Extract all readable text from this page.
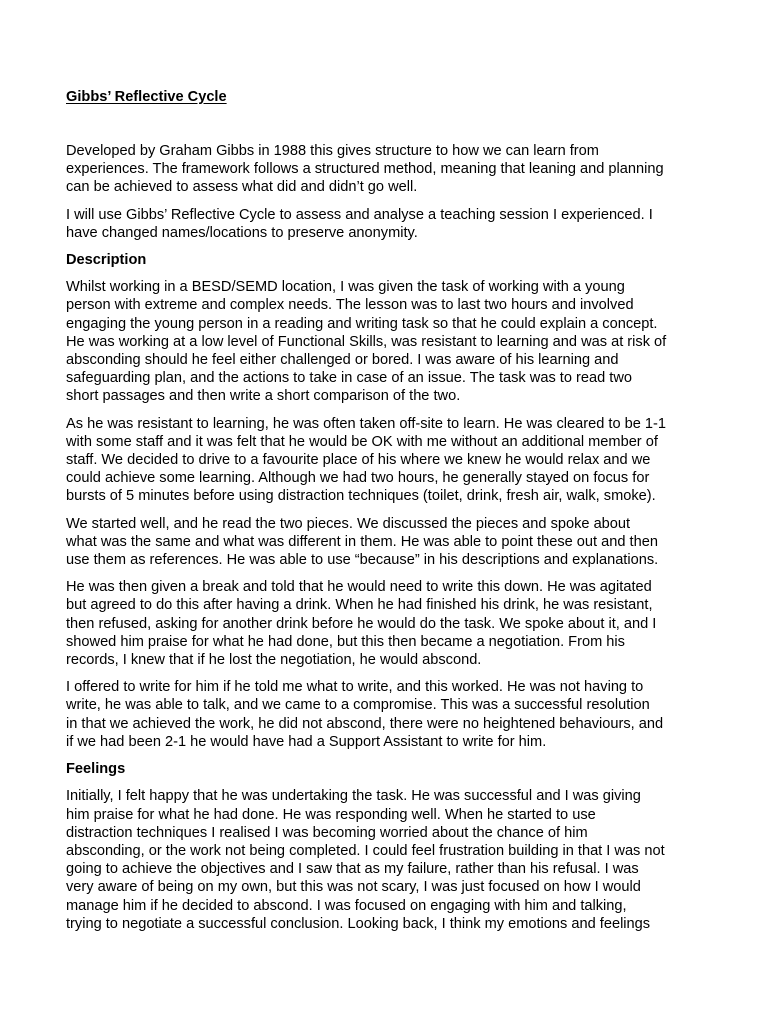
Gibbs’ Reflective Cycle

Developed by Graham Gibbs in 1988 this gives structure to how we can learn from
experiences. The framework follows a structured method, meaning that leaning and planning
can be achieved to assess what did and didn’t go well.

I will use Gibbs’ Reflective Cycle to assess and analyse a teaching session I experienced. I
have changed names/locations to preserve anonymity.

Description

Whilst working in a BESD/SEMD location, I was given the task of working with a young
person with extreme and complex needs. The lesson was to last two hours and involved
engaging the young person in a reading and writing task so that he could explain a concept.
He was working at a low level of Functional Skills, was resistant to learning and was at risk of
absconding should he feel either challenged or bored. I was aware of his learning and
safeguarding plan, and the actions to take in case of an issue. The task was to read two
short passages and then write a short comparison of the two.

As he was resistant to learning, he was often taken off-site to learn. He was cleared to be 1-1
with some staff and it was felt that he would be OK with me without an additional member of
staff. We decided to drive to a favourite place of his where we knew he would relax and we
could achieve some learning. Although we had two hours, he generally stayed on focus for
bursts of 5 minutes before using distraction techniques (toilet, drink, fresh air, walk, smoke).

We started well, and he read the two pieces. We discussed the pieces and spoke about
what was the same and what was different in them. He was able to point these out and then
use them as references. He was able to use “because” in his descriptions and explanations.

He was then given a break and told that he would need to write this down. He was agitated
but agreed to do this after having a drink. When he had finished his drink, he was resistant,
then refused, asking for another drink before he would do the task. We spoke about it, and I
showed him praise for what he had done, but this then became a negotiation. From his
records, I knew that if he lost the negotiation, he would abscond.

I offered to write for him if he told me what to write, and this worked. He was not having to
write, he was able to talk, and we came to a compromise. This was a successful resolution
in that we achieved the work, he did not abscond, there were no heightened behaviours, and
if we had been 2-1 he would have had a Support Assistant to write for him.

Feelings

Initially, I felt happy that he was undertaking the task. He was successful and I was giving
him praise for what he had done. He was responding well. When he started to use
distraction techniques I realised I was becoming worried about the chance of him
absconding, or the work not being completed. I could feel frustration building in that I was not
going to achieve the objectives and I saw that as my failure, rather than his refusal. I was
very aware of being on my own, but this was not scary, I was just focused on how I would
manage him if he decided to abscond. I was focused on engaging with him and talking,
trying to negotiate a successful conclusion. Looking back, I think my emotions and feelings
